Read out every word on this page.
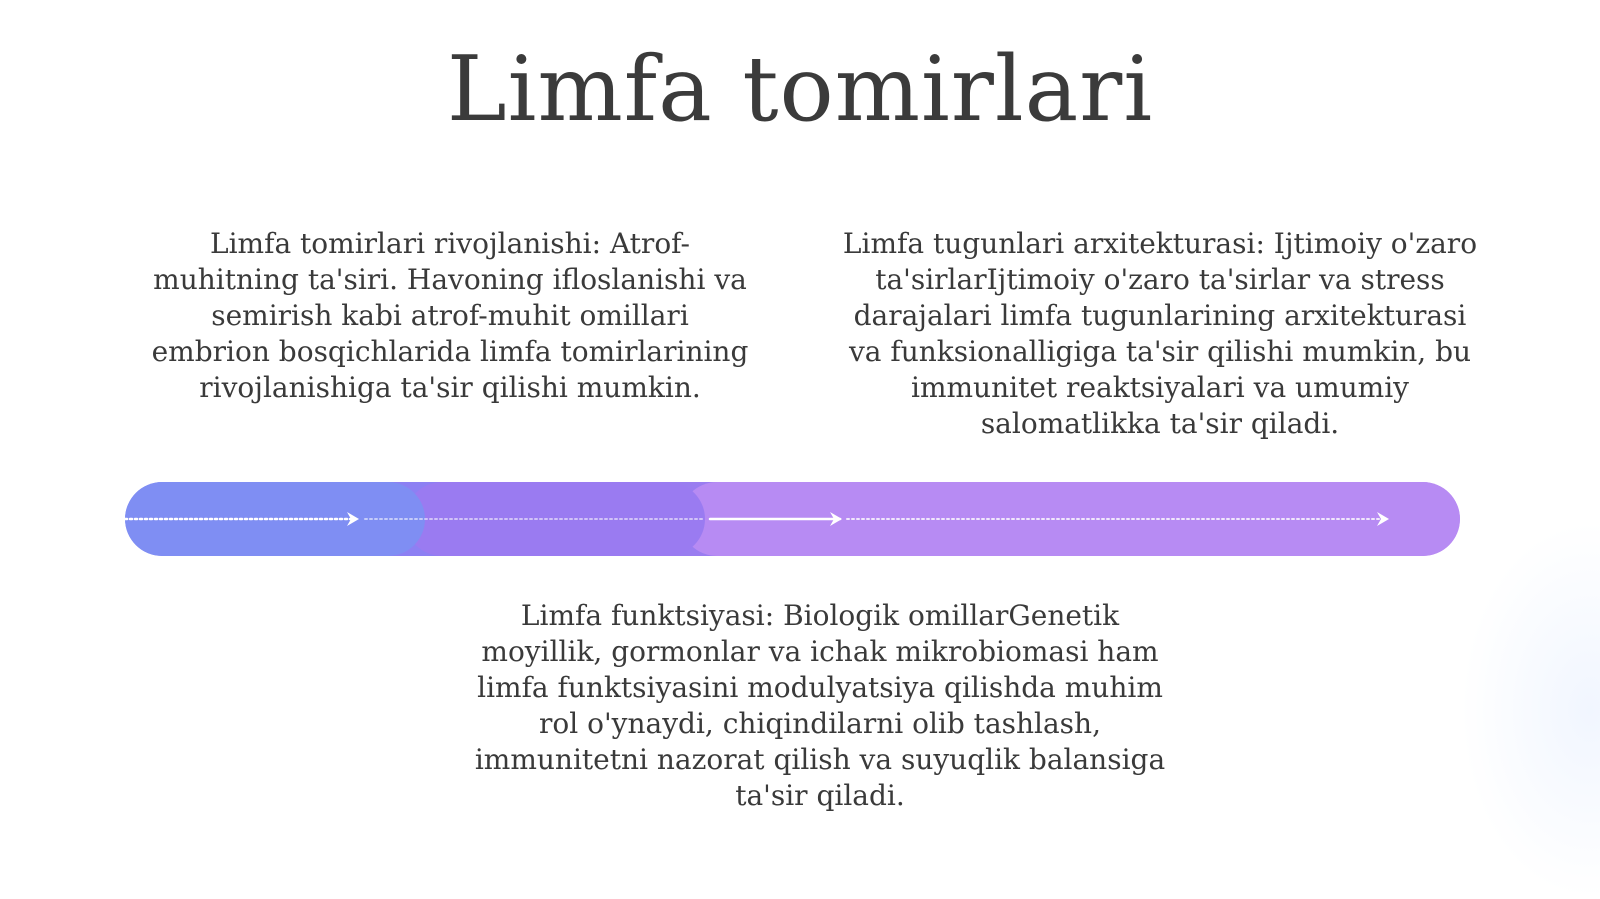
Limfa tomirlari
Limfa tomirlari rivojlanishi: Atrof-muhitning ta'siri. Havoning ifloslanishi va semirish kabi atrof-muhit omillari embrion bosqichlarida limfa tomirlarining rivojlanishiga ta'sir qilishi mumkin.
Limfa tugunlari arxitekturasi: Ijtimoiy o'zaro ta'sirlarIjtimoiy o'zaro ta'sirlar va stress darajalari limfa tugunlarining arxitekturasi va funksionalligiga ta'sir qilishi mumkin, bu immunitet reaktsiyalari va umumiy salomatlikka ta'sir qiladi.
Limfa funktsiyasi: Biologik omillarGenetik moyillik, gormonlar va ichak mikrobiomasi ham limfa funktsiyasini modulyatsiya qilishda muhim rol o'ynaydi, chiqindilarni olib tashlash, immunitetni nazorat qilish va suyuqlik balansiga ta'sir qiladi.
